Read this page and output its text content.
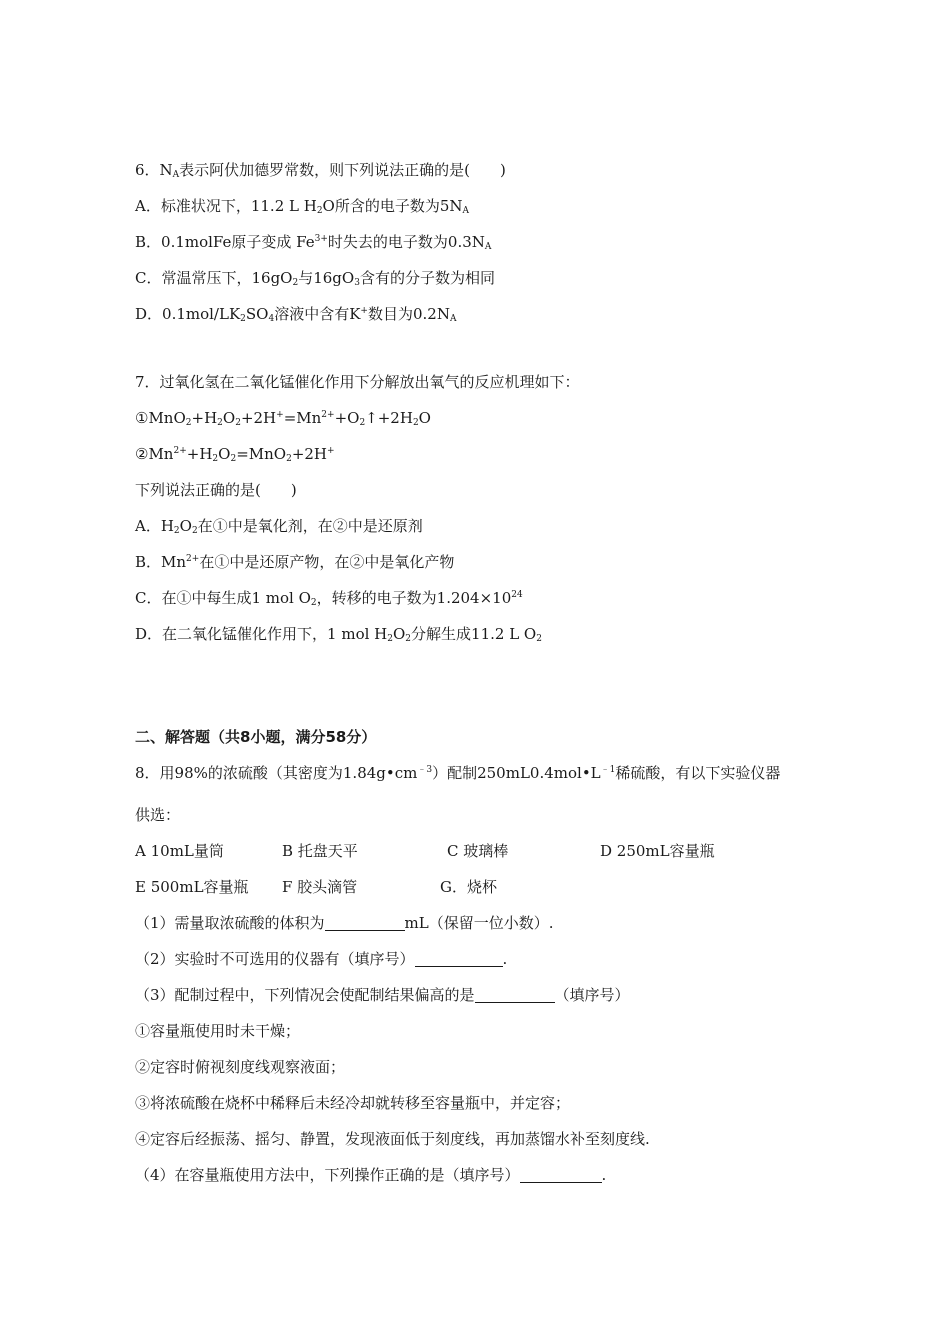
6．$N_A$表示阿伏加德罗常数，则下列说法正确的是(　　)
A．标准状况下，11.2 L $H_2O$所含的电子数为$5N_A$
B．0.1molFe原子变成 $Fe^{3+}$时失去的电子数为$0.3N_A$
C．常温常压下，$16gO_2$与$16gO_3$含有的分子数为相同
D．$0.1mol/LK_2SO_4$溶液中含有K+数目为$0.2N_A$
7．过氧化氢在二氧化锰催化作用下分解放出氧气的反应机理如下：
$①MnO_2+H_2O_2+2H^+=Mn^{2+}+O_2↑+2H_2O$
$②Mn^{2+}+H_2O_2=MnO_2+2H^+$
下列说法正确的是(　　)
A．$H_2O_2$在①中是氧化剂，在②中是还原剂
B．$Mn^{2+}$在①中是还原产物，在②中是氧化产物
C．在①中每生成1 mol $O_2$，转移的电子数为$1.204\times 10^{24}$
D．在二氧化锰催化作用下，1 mol $H_2O_2$分解生成11.2 L $O_2$
二、解答题（共8小题，满分58分）
8．用98%的浓硫酸（其密度为$1.84g•cm^{﹣3}$）配制$250mL0.4mol•L^{﹣1}$稀硫酸，有以下实验仪器
供选：
A 10mL量筒	B 托盘天平	C 玻璃棒	D 250mL容量瓶
E 500mL容量瓶 F 胶头滴管	G．烧杯
（1）需量取浓硫酸的体积为	mL（保留一位小数）.
（2）实验时不可选用的仪器有（填序号）	.
（3）配制过程中，下列情况会使配制结果偏高的是	（填序号）
①容量瓶使用时未干燥；
②定容时俯视刻度线观察液面；
③将浓硫酸在烧杯中稀释后未经冷却就转移至容量瓶中，并定容；
④定容后经振荡、摇匀、静置，发现液面低于刻度线，再加蒸馏水补至刻度线.
（4）在容量瓶使用方法中，下列操作正确的是（填序号）	.
